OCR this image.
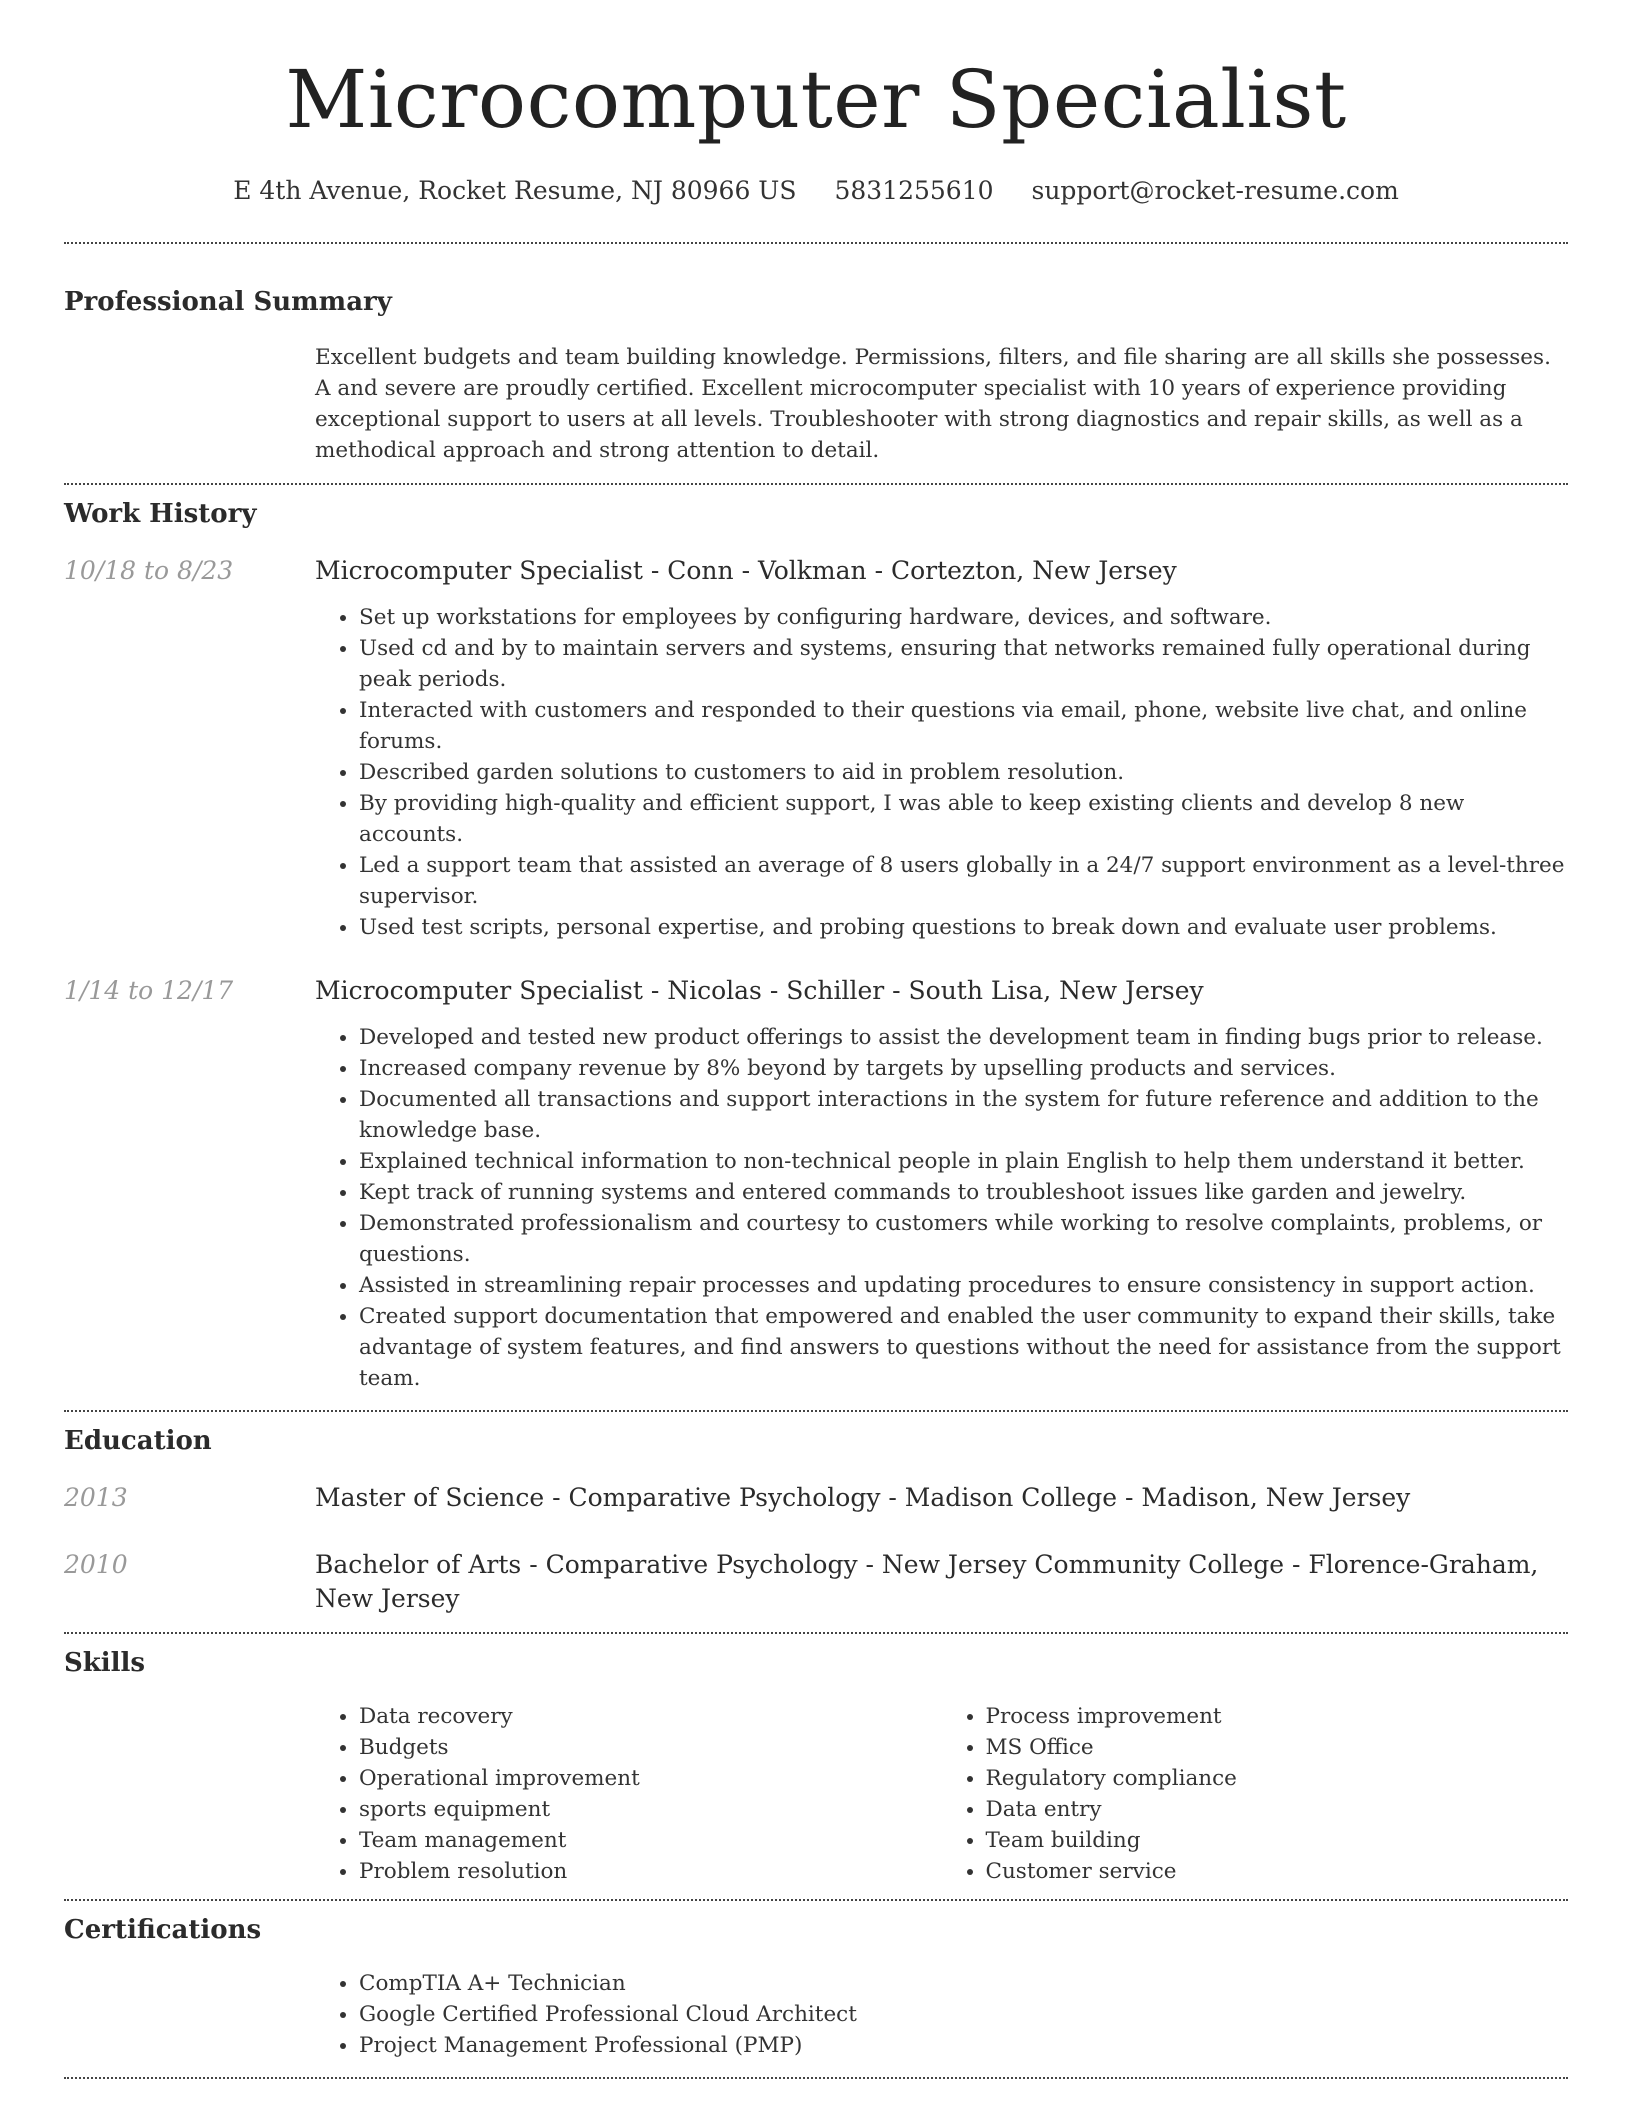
Microcomputer Specialist
E 4th Avenue, Rocket Resume, NJ 80966 US 5831255610 support@rocket-resume.com
Professional Summary
Excellent budgets and team building knowledge. Permissions, filters, and file sharing are all skills she possesses. A and severe are proudly certified. Excellent microcomputer specialist with 10 years of experience providing exceptional support to users at all levels. Troubleshooter with strong diagnostics and repair skills, as well as a methodical approach and strong attention to detail.
Work History
10/18 to 8/23	Microcomputer Specialist - Conn - Volkman - Cortezton, New Jersey
• Set up workstations for employees by configuring hardware, devices, and software.
• Used cd and by to maintain servers and systems, ensuring that networks remained fully operational during peak periods.
• Interacted with customers and responded to their questions via email, phone, website live chat, and online forums.
• Described garden solutions to customers to aid in problem resolution.
• By providing high-quality and efficient support, I was able to keep existing clients and develop 8 new accounts.
• Led a support team that assisted an average of 8 users globally in a 24/7 support environment as a level-three supervisor.
• Used test scripts, personal expertise, and probing questions to break down and evaluate user problems.
1/14 to 12/17	Microcomputer Specialist - Nicolas - Schiller - South Lisa, New Jersey
• Developed and tested new product offerings to assist the development team in finding bugs prior to release.
• Increased company revenue by 8% beyond by targets by upselling products and services.
• Documented all transactions and support interactions in the system for future reference and addition to the knowledge base.
• Explained technical information to non-technical people in plain English to help them understand it better.
• Kept track of running systems and entered commands to troubleshoot issues like garden and jewelry.
• Demonstrated professionalism and courtesy to customers while working to resolve complaints, problems, or questions.
• Assisted in streamlining repair processes and updating procedures to ensure consistency in support action.
• Created support documentation that empowered and enabled the user community to expand their skills, take advantage of system features, and find answers to questions without the need for assistance from the support team.
Education
2013	Master of Science - Comparative Psychology - Madison College - Madison, New Jersey
2010	Bachelor of Arts - Comparative Psychology - New Jersey Community College - Florence-Graham, New Jersey
Skills
• Data recovery
• Budgets
• Operational improvement
• sports equipment
• Team management
• Problem resolution
• Process improvement
• MS Office
• Regulatory compliance
• Data entry
• Team building
• Customer service
Certifications
• CompTIA A+ Technician
• Google Certified Professional Cloud Architect
• Project Management Professional (PMP)
